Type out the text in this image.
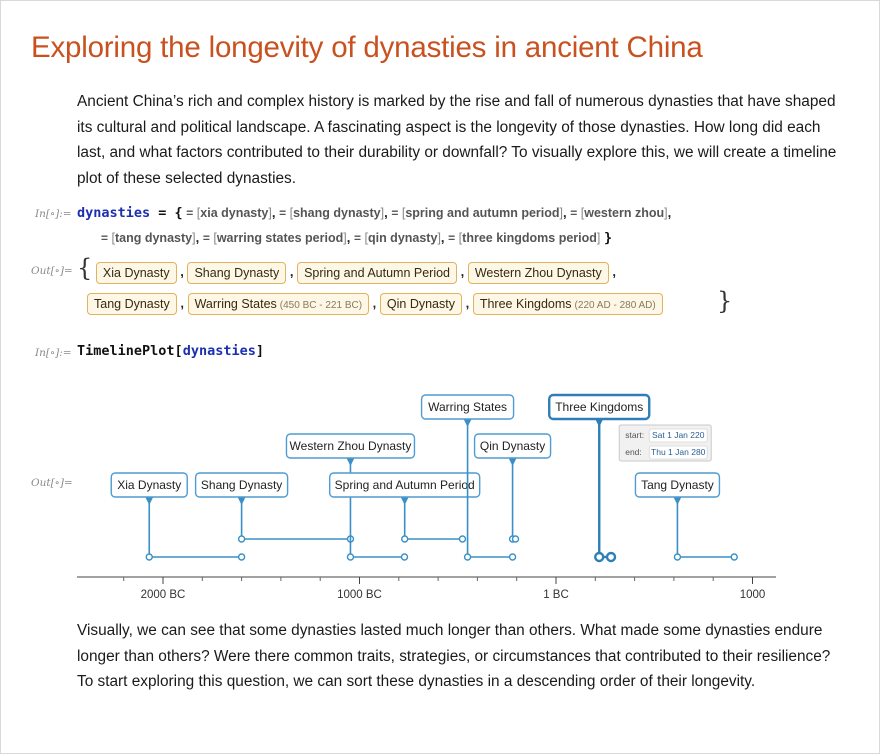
Exploring the longevity of dynasties in ancient China

Ancient China’s rich and complex history is marked by the rise and fall of numerous dynasties that have shaped its cultural and political landscape. A fascinating aspect is the longevity of those dynasties. How long did each last, and what factors contributed to their durability or downfall? To visually explore this, we will create a timeline plot of these selected dynasties.

In[∘]:= dynasties = { = [xia dynasty], = [shang dynasty], = [spring and autumn period], = [western zhou],
= [tang dynasty], = [warring states period], = [qin dynasty], = [three kingdoms period] }
Out[∘]= { Xia Dynasty , Shang Dynasty , Spring and Autumn Period , Western Zhou Dynasty ,
Tang Dynasty , Warring States (450 BC - 221 BC) , Qin Dynasty , Three Kingdoms (220 AD - 280 AD)	}
In[∘]:= TimelinePlot[dynasties]
Out[∘]=
2000 BC	1000 BC	1 BC	1000
Xia Dynasty Shang Dynasty
Western Zhou Dynasty
Spring and Autumn Period
Warring States
Qin Dynasty
Three Kingdoms
Tang Dynasty
start: Sat 1 Jan 220
end: Thu 1 Jan 280

Visually, we can see that some dynasties lasted much longer than others. What made some dynasties endure longer than others? Were there common traits, strategies, or circumstances that contributed to their resilience? To start exploring this question, we can sort these dynasties in a descending order of their longevity.
